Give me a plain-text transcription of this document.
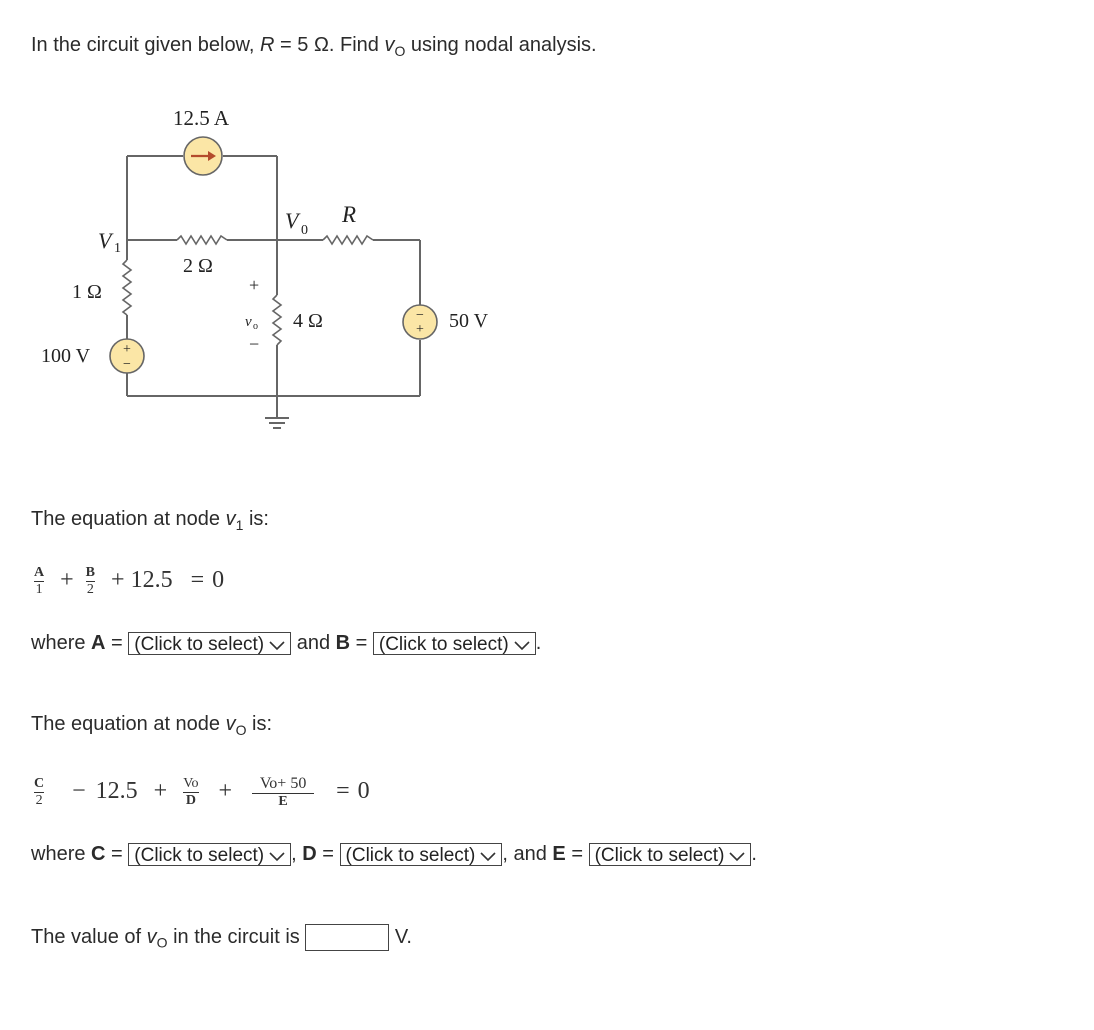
In the circuit given below, R = 5 Ω. Find $v_O$ using nodal analysis.
+
−
−
+
12.5 A
V 1
2 Ω
1 Ω
V 0
R
4 Ω
+
v o
−
100 V
50 V
The equation at node $v_1$ is:
$\frac{A}{1} + \frac{B}{2} + 12.5 = 0$
where A = (Click to select) and B = (Click to select) .
The equation at node $v_O$ is:
$\frac{C}{2} - 12.5 + \frac{Vo}{D} + \frac{Vo+ 50}{E} = 0$
where C = (Click to select) , D = (Click to select) , and E = (Click to select) .
The value of $v_O$ in the circuit is	V.
